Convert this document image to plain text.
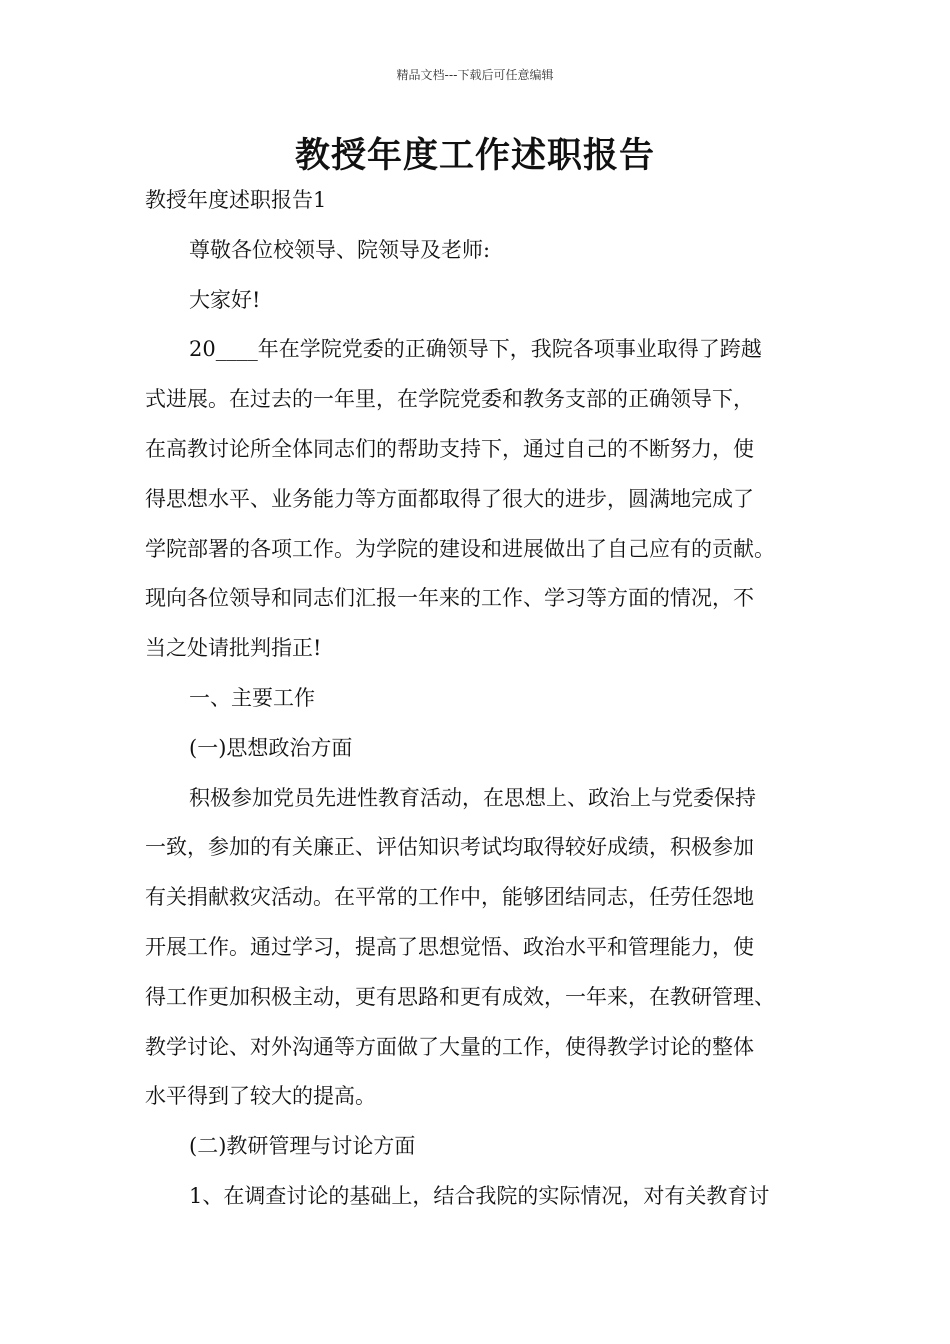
精品文档---下载后可任意编辑
教授年度工作述职报告
教授年度述职报告1
尊敬各位校领导、院领导及老师:
大家好!
20____年在学院党委的正确领导下，我院各项事业取得了跨越
式进展。在过去的一年里，在学院党委和教务支部的正确领导下，
在高教讨论所全体同志们的帮助支持下，通过自己的不断努力，使
得思想水平、业务能力等方面都取得了很大的进步，圆满地完成了
学院部署的各项工作。为学院的建设和进展做出了自己应有的贡献。
现向各位领导和同志们汇报一年来的工作、学习等方面的情况，不
当之处请批判指正!
一、主要工作
(一)思想政治方面
积极参加党员先进性教育活动，在思想上、政治上与党委保持
一致，参加的有关廉正、评估知识考试均取得较好成绩，积极参加
有关捐献救灾活动。在平常的工作中，能够团结同志，任劳任怨地
开展工作。通过学习，提高了思想觉悟、政治水平和管理能力，使
得工作更加积极主动，更有思路和更有成效，一年来，在教研管理、
教学讨论、对外沟通等方面做了大量的工作，使得教学讨论的整体
水平得到了较大的提高。
(二)教研管理与讨论方面
1、在调查讨论的基础上，结合我院的实际情况，对有关教育讨
